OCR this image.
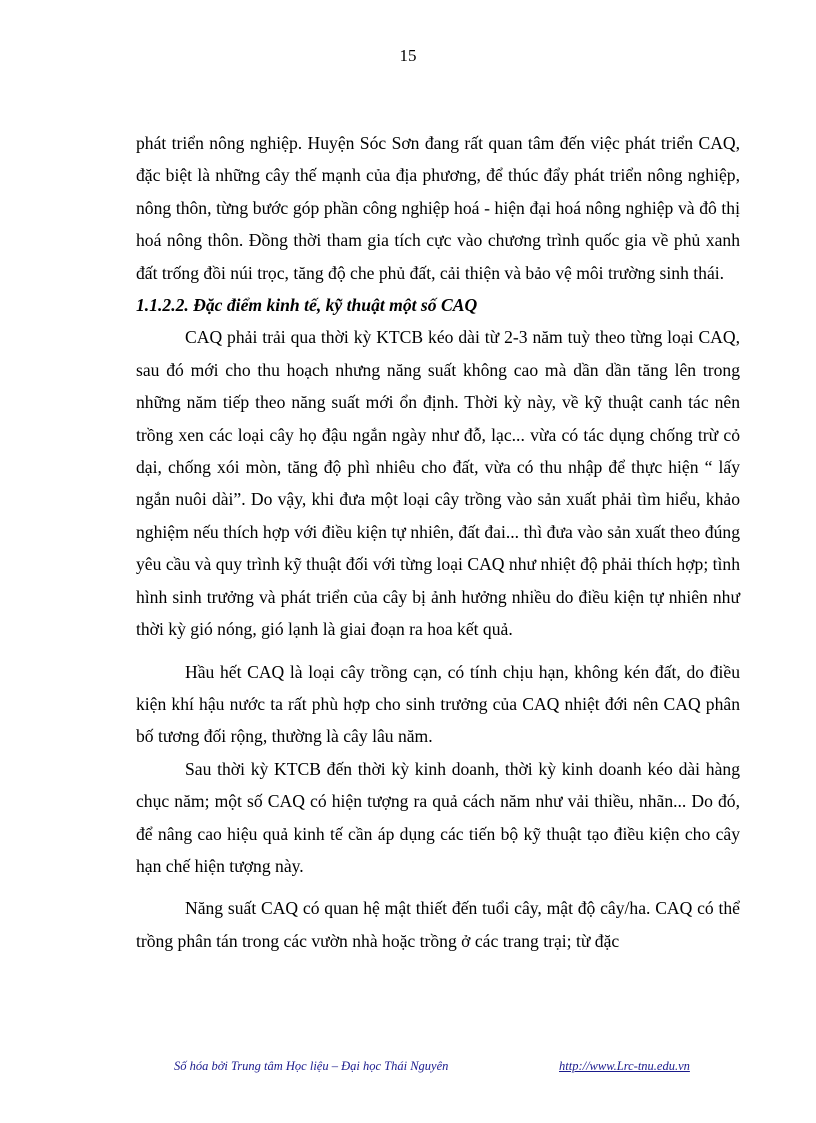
15

phát triển nông nghiệp. Huyện Sóc Sơn đang rất quan tâm đến việc phát triển CAQ, đặc biệt là những cây thế mạnh của địa phương, để thúc đẩy phát triển nông nghiệp, nông thôn, từng bước góp phần công nghiệp hoá - hiện đại hoá nông nghiệp và đô thị hoá nông thôn. Đồng thời tham gia tích cực vào chương trình quốc gia về phủ xanh đất trống đồi núi trọc, tăng độ che phủ đất, cải thiện và bảo vệ môi trường sinh thái.

1.1.2.2. Đặc điểm kinh tế, kỹ thuật một số CAQ

CAQ phải trải qua thời kỳ KTCB kéo dài từ 2-3 năm tuỳ theo từng loại CAQ, sau đó mới cho thu hoạch nhưng năng suất không cao mà dần dần tăng lên trong những năm tiếp theo năng suất mới ổn định. Thời kỳ này, về kỹ thuật canh tác nên trồng xen các loại cây họ đậu ngắn ngày như đỗ, lạc... vừa có tác dụng chống trừ cỏ dại, chống xói mòn, tăng độ phì nhiêu cho đất, vừa có thu nhập để thực hiện “ lấy ngắn nuôi dài”. Do vậy, khi đưa một loại cây trồng vào sản xuất phải tìm hiểu, khảo nghiệm nếu thích hợp với điều kiện tự nhiên, đất đai... thì đưa vào sản xuất theo đúng yêu cầu và quy trình kỹ thuật đối với từng loại CAQ như nhiệt độ phải thích hợp; tình hình sinh trưởng và phát triển của cây bị ảnh hưởng nhiều do điều kiện tự nhiên như thời kỳ gió nóng, gió lạnh là giai đoạn ra hoa kết quả.

Hầu hết CAQ là loại cây trồng cạn, có tính chịu hạn, không kén đất, do điều kiện khí hậu nước ta rất phù hợp cho sinh trưởng của CAQ nhiệt đới nên CAQ phân bố tương đối rộng, thường là cây lâu năm.

Sau thời kỳ KTCB đến thời kỳ kinh doanh, thời kỳ kinh doanh kéo dài hàng chục năm; một số CAQ có hiện tượng ra quả cách năm như vải thiều, nhãn... Do đó, để nâng cao hiệu quả kinh tế cần áp dụng các tiến bộ kỹ thuật tạo điều kiện cho cây hạn chế hiện tượng này.

Năng suất CAQ có quan hệ mật thiết đến tuổi cây, mật độ cây/ha. CAQ có thể trồng phân tán trong các vườn nhà hoặc trồng ở các trang trại; từ đặc

Số hóa bởi Trung tâm Học liệu – Đại học Thái Nguyên	http://www.Lrc-tnu.edu.vn
